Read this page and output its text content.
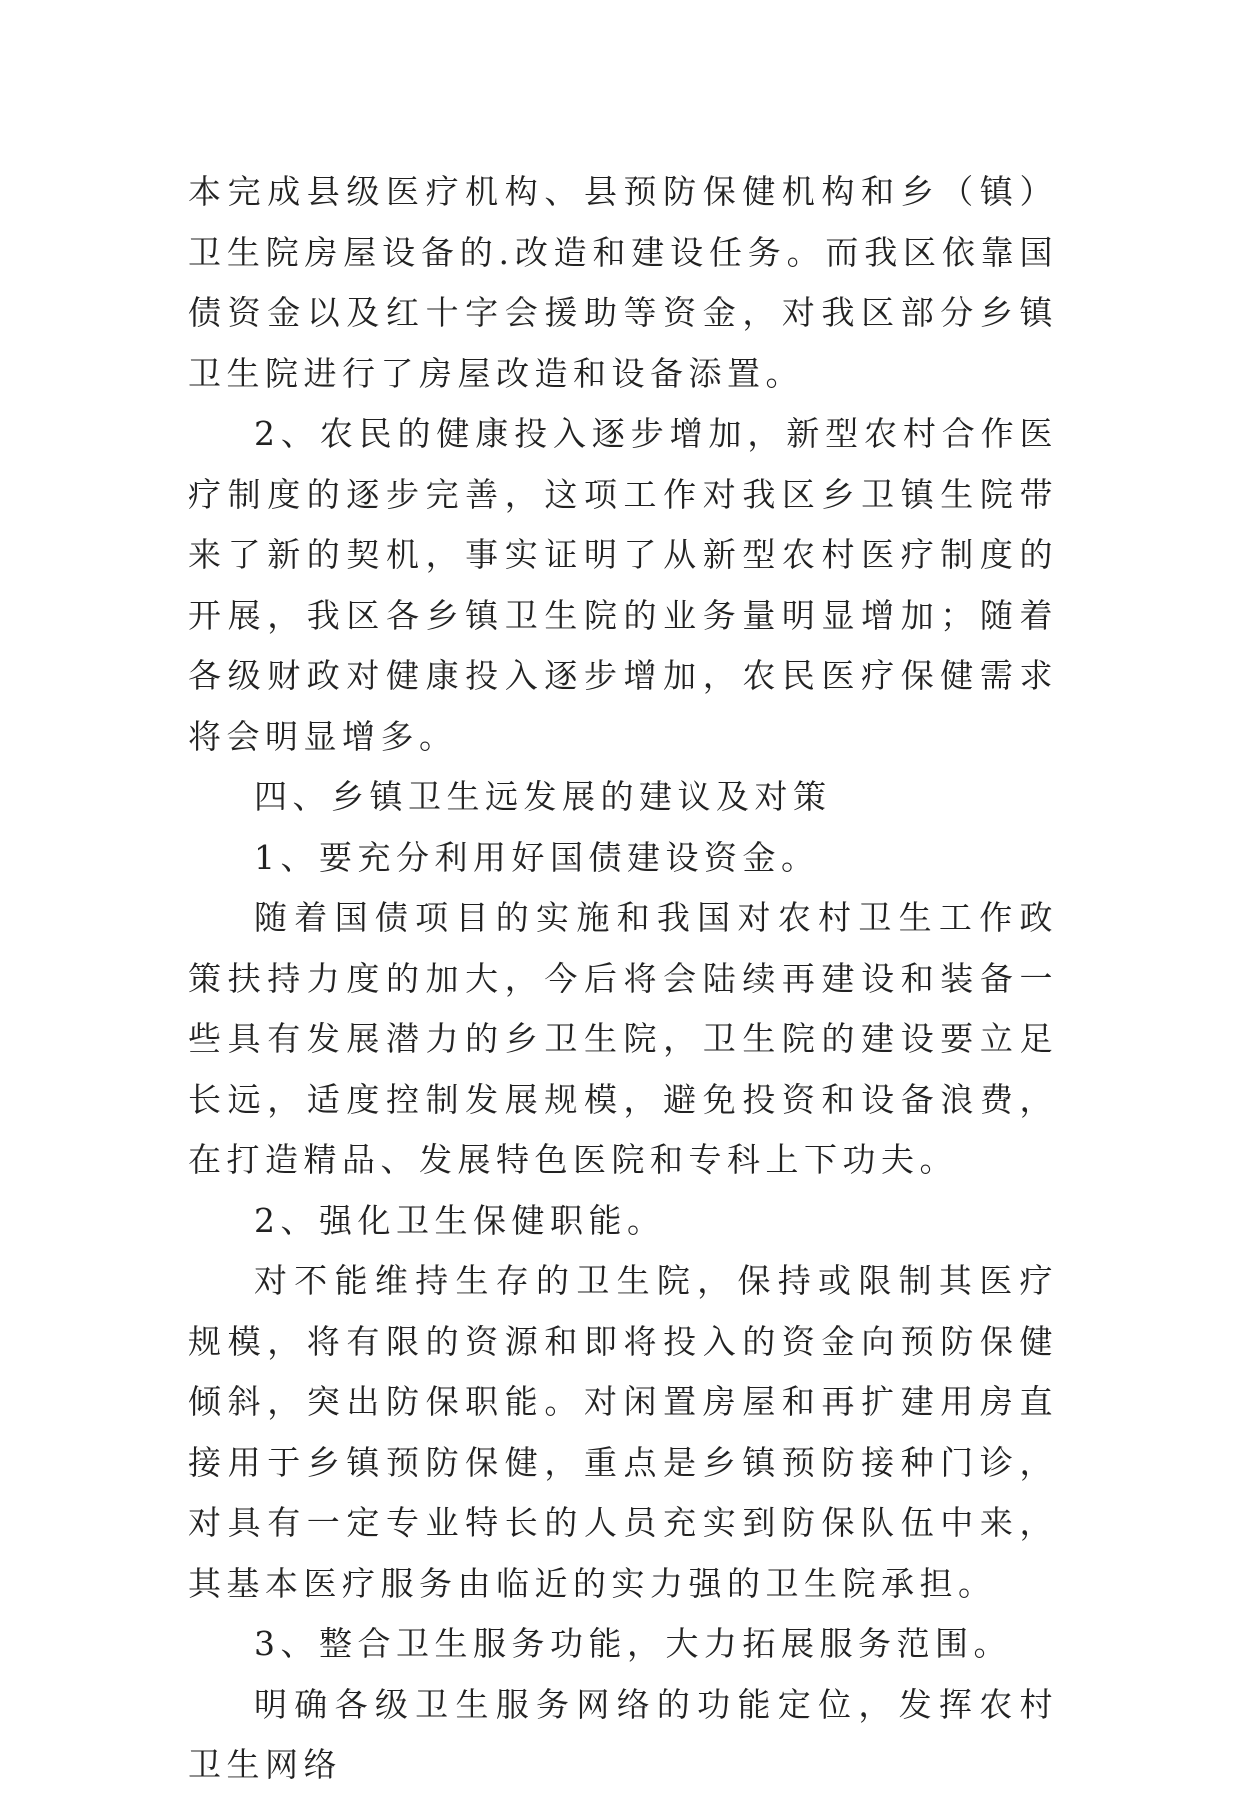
本完成县级医疗机构、县预防保健机构和乡（镇）卫生院房屋设备的.改造和建设任务。而我区依靠国债资金以及红十字会援助等资金，对我区部分乡镇卫生院进行了房屋改造和设备添置。

2、农民的健康投入逐步增加，新型农村合作医疗制度的逐步完善，这项工作对我区乡卫镇生院带来了新的契机，事实证明了从新型农村医疗制度的开展，我区各乡镇卫生院的业务量明显增加；随着各级财政对健康投入逐步增加，农民医疗保健需求将会明显增多。

四、乡镇卫生远发展的建议及对策

1、要充分利用好国债建设资金。

随着国债项目的实施和我国对农村卫生工作政策扶持力度的加大，今后将会陆续再建设和装备一些具有发展潜力的乡卫生院，卫生院的建设要立足长远，适度控制发展规模，避免投资和设备浪费，在打造精品、发展特色医院和专科上下功夫。

2、强化卫生保健职能。

对不能维持生存的卫生院，保持或限制其医疗规模，将有限的资源和即将投入的资金向预防保健倾斜，突出防保职能。对闲置房屋和再扩建用房直接用于乡镇预防保健，重点是乡镇预防接种门诊，对具有一定专业特长的人员充实到防保队伍中来，其基本医疗服务由临近的实力强的卫生院承担。

3、整合卫生服务功能，大力拓展服务范围。

明确各级卫生服务网络的功能定位，发挥农村卫生网络
